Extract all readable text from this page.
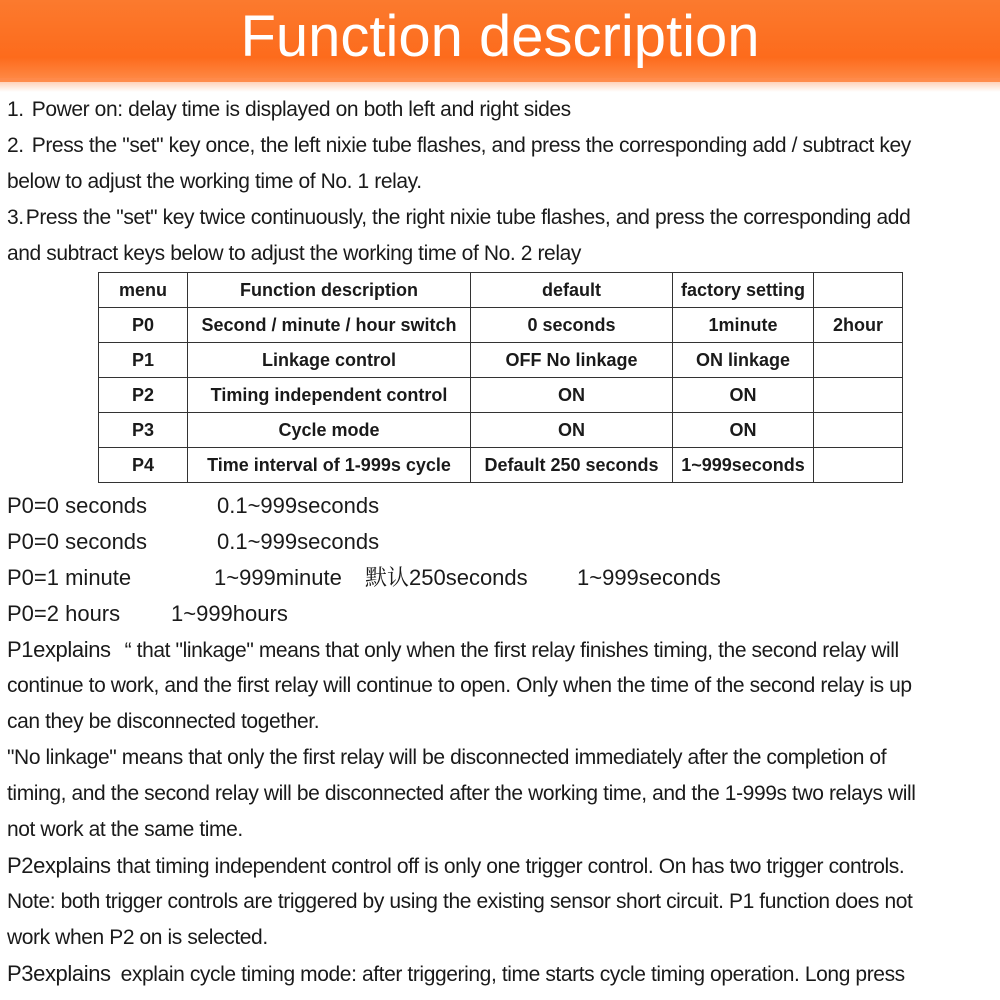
Function description
1. Power on: delay time is displayed on both left and right sides
2. Press the "set" key once, the left nixie tube flashes, and press the corresponding add / subtract key
below to adjust the working time of No. 1 relay.
3.Press the "set" key twice continuously, the right nixie tube flashes, and press the corresponding add
and subtract keys below to adjust the working time of No. 2 relay
menu	Function description	default	factory setting	
P0	Second / minute / hour switch	0 seconds	1minute	2hour
P1	Linkage control	OFF No linkage	ON linkage	
P2	Timing independent control	ON	ON	
P3	Cycle mode	ON	ON	
P4	Time interval of 1-999s cycle	Default 250 seconds	1~999seconds	
P0=0 seconds	0.1~999seconds
P0=0 seconds	0.1~999seconds
P0=1 minute	1~999minute 默认250seconds 1~999seconds
P0=2 hours 1~999hours
P1explains “ that "linkage" means that only when the first relay finishes timing, the second relay will
continue to work, and the first relay will continue to open. Only when the time of the second relay is up
can they be disconnected together.
"No linkage" means that only the first relay will be disconnected immediately after the completion of
timing, and the second relay will be disconnected after the working time, and the 1-999s two relays will
not work at the same time.
P2explains that timing independent control off is only one trigger control. On has two trigger controls.
Note: both trigger controls are triggered by using the existing sensor short circuit. P1 function does not
work when P2 on is selected.
P3explains explain cycle timing mode: after triggering, time starts cycle timing operation. Long press
